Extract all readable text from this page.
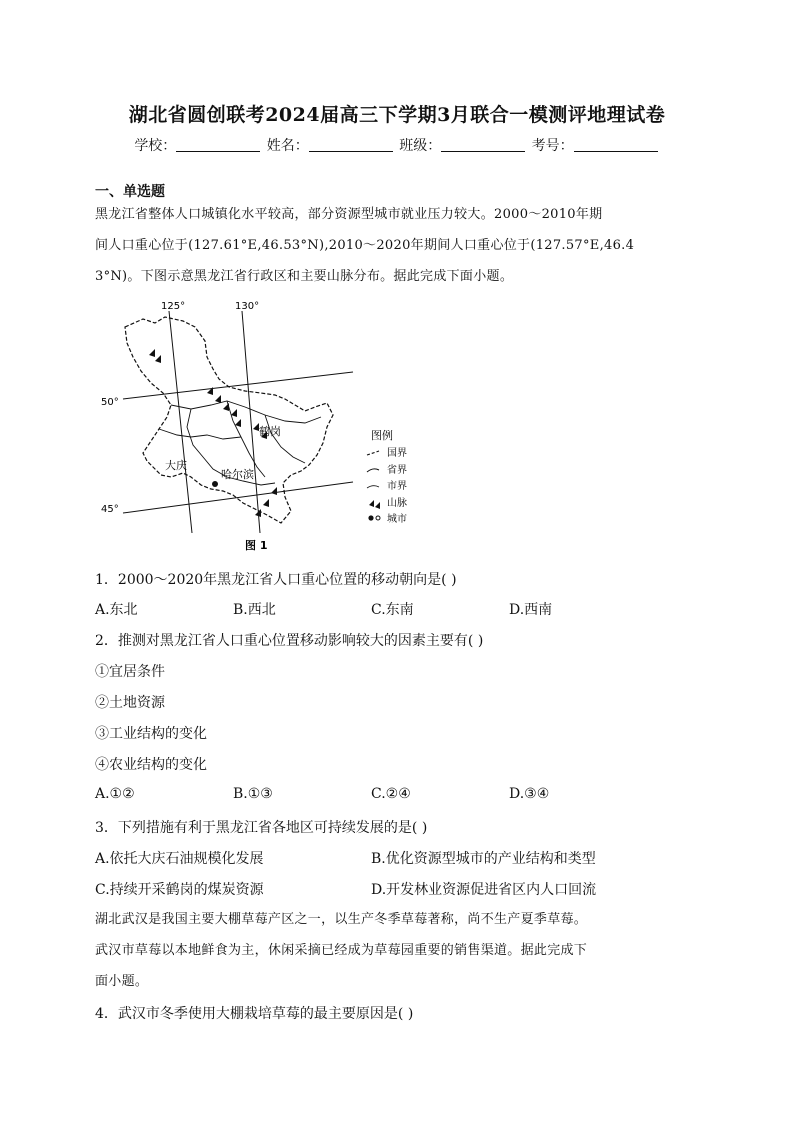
湖北省圆创联考2024届高三下学期3月联合一模测评地理试卷
学校：	姓名：	班级：	考号：
一、单选题
黑龙江省整体人口城镇化水平较高，部分资源型城市就业压力较大。2000～2010年期
间人口重心位于(127.61°E,46.53°N),2010～2020年期间人口重心位于(127.57°E,46.4
3°N)。下图示意黑龙江省行政区和主要山脉分布。据此完成下面小题。
哈尔滨
鹤岗
大庆
125°	130°
50°
45°
图例
国界
省界
市界
山脉
城市
图 1
1．2000～2020年黑龙江省人口重心位置的移动朝向是( )
A.东北	B.西北	C.东南	D.西南
2．推测对黑龙江省人口重心位置移动影响较大的因素主要有( )
①宜居条件
②土地资源
③工业结构的变化
④农业结构的变化
A.①②	B.①③	C.②④	D.③④
3．下列措施有利于黑龙江省各地区可持续发展的是( )
A.依托大庆石油规模化发展	B.优化资源型城市的产业结构和类型
C.持续开采鹤岗的煤炭资源	D.开发林业资源促进省区内人口回流
湖北武汉是我国主要大棚草莓产区之一，以生产冬季草莓著称，尚不生产夏季草莓。
武汉市草莓以本地鲜食为主，休闲采摘已经成为草莓园重要的销售渠道。据此完成下
面小题。
4．武汉市冬季使用大棚栽培草莓的最主要原因是( )
